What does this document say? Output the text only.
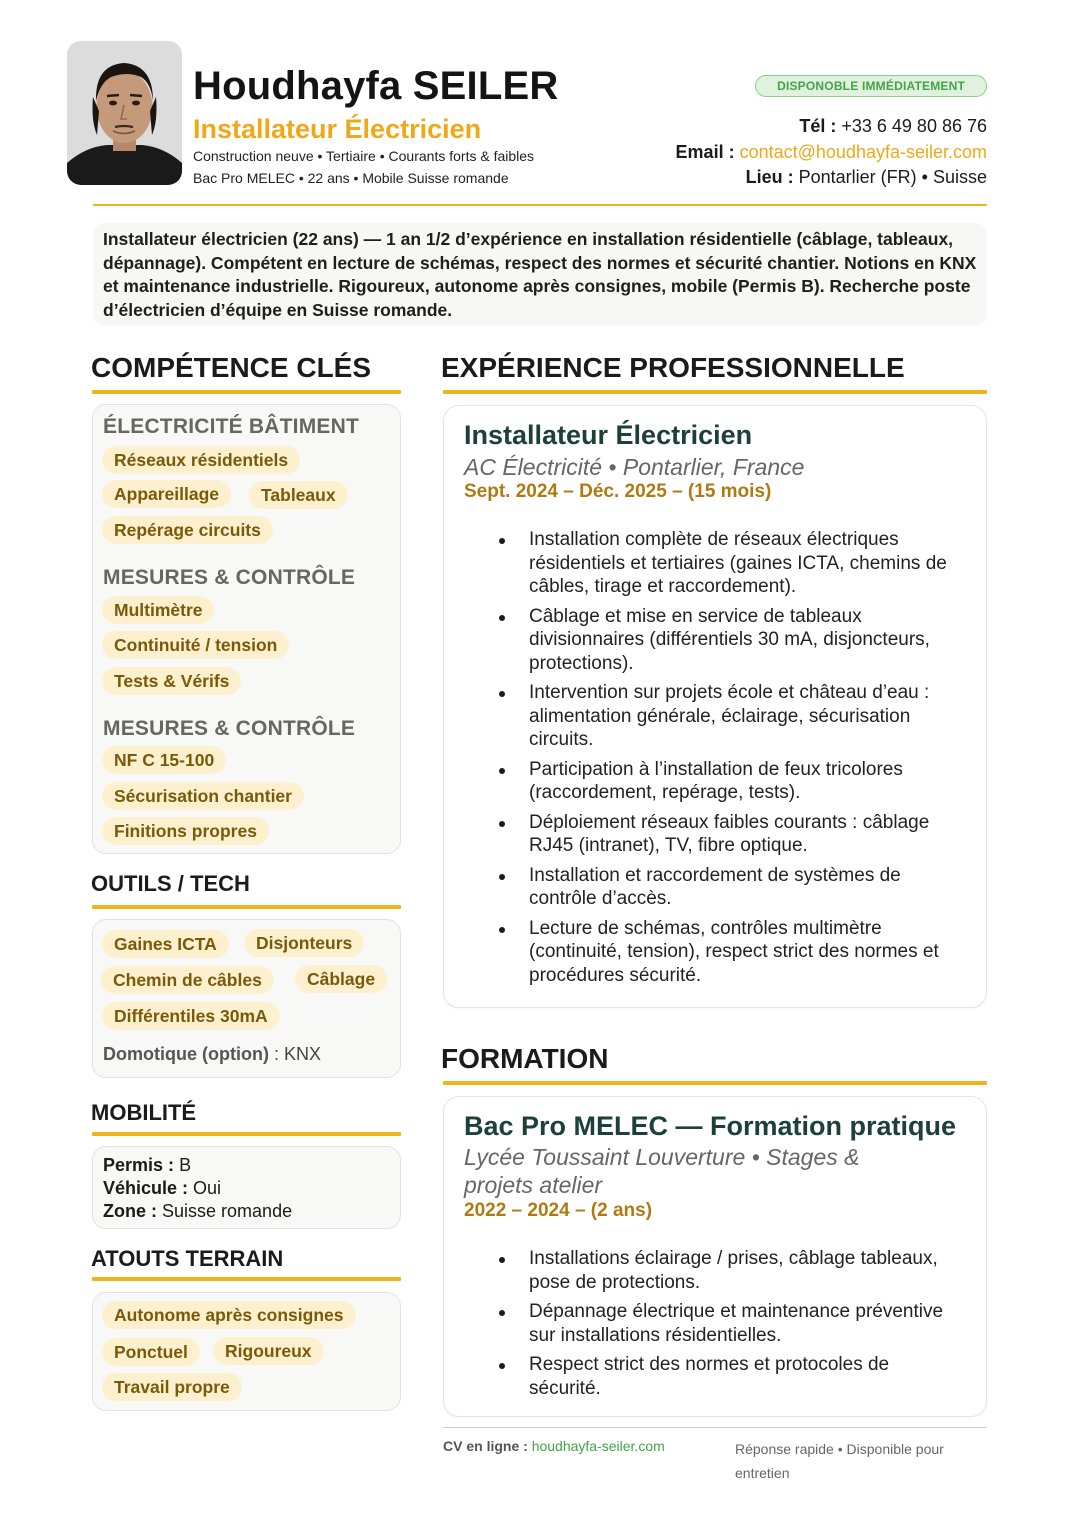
Houdhayfa SEILER
Installateur Électricien
Construction neuve • Tertiaire • Courants forts & faibles
Bac Pro MELEC • 22 ans • Mobile Suisse romande
DISPONOBLE IMMÉDIATEMENT
Tél : +33 6 49 80 86 76
Email : contact@houdhayfa-seiler.com
Lieu : Pontarlier (FR) • Suisse
Installateur électricien (22 ans) — 1 an 1/2 d’expérience en installation résidentielle (câblage, tableaux, dépannage). Compétent en lecture de schémas, respect des normes et sécurité chantier. Notions en KNX et maintenance industrielle. Rigoureux, autonome après consignes, mobile (Permis B). Recherche poste d’électricien d’équipe en Suisse romande.
COMPÉTENCE CLÉS
ÉLECTRICITÉ BÂTIMENT
Réseaux résidentiels
Appareillage	Tableaux
Repérage circuits
MESURES & CONTRÔLE
Multimètre
Continuité / tension
Tests & Vérifs
MESURES & CONTRÔLE
NF C 15-100
Sécurisation chantier
Finitions propres
OUTILS / TECH
Gaines ICTA	Disjonteurs
Chemin de câbles	Câblage
Différentiles 30mA
Domotique (option) : KNX
MOBILITÉ
Permis : B
Véhicule : Oui
Zone : Suisse romande
ATOUTS TERRAIN
Autonome après consignes
Ponctuel	Rigoureux
Travail propre
EXPÉRIENCE PROFESSIONNELLE
Installateur Électricien
AC Électricité • Pontarlier, France
Sept. 2024 – Déc. 2025 – (15 mois)
Installation complète de réseaux électriques résidentiels et tertiaires (gaines ICTA, chemins de câbles, tirage et raccordement).
Câblage et mise en service de tableaux divisionnaires (différentiels 30 mA, disjoncteurs, protections).
Intervention sur projets école et château d’eau : alimentation générale, éclairage, sécurisation circuits.
Participation à l’installation de feux tricolores (raccordement, repérage, tests).
Déploiement réseaux faibles courants : câblage RJ45 (intranet), TV, fibre optique.
Installation et raccordement de systèmes de contrôle d’accès.
Lecture de schémas, contrôles multimètre (continuité, tension), respect strict des normes et procédures sécurité.
FORMATION
Bac Pro MELEC — Formation pratique
Lycée Toussaint Louverture • Stages & projets atelier
2022 – 2024 – (2 ans)
Installations éclairage / prises, câblage tableaux, pose de protections.
Dépannage électrique et maintenance préventive sur installations résidentielles.
Respect strict des normes et protocoles de sécurité.
CV en ligne : houdhayfa-seiler.com	Réponse rapide • Disponible pour entretien
